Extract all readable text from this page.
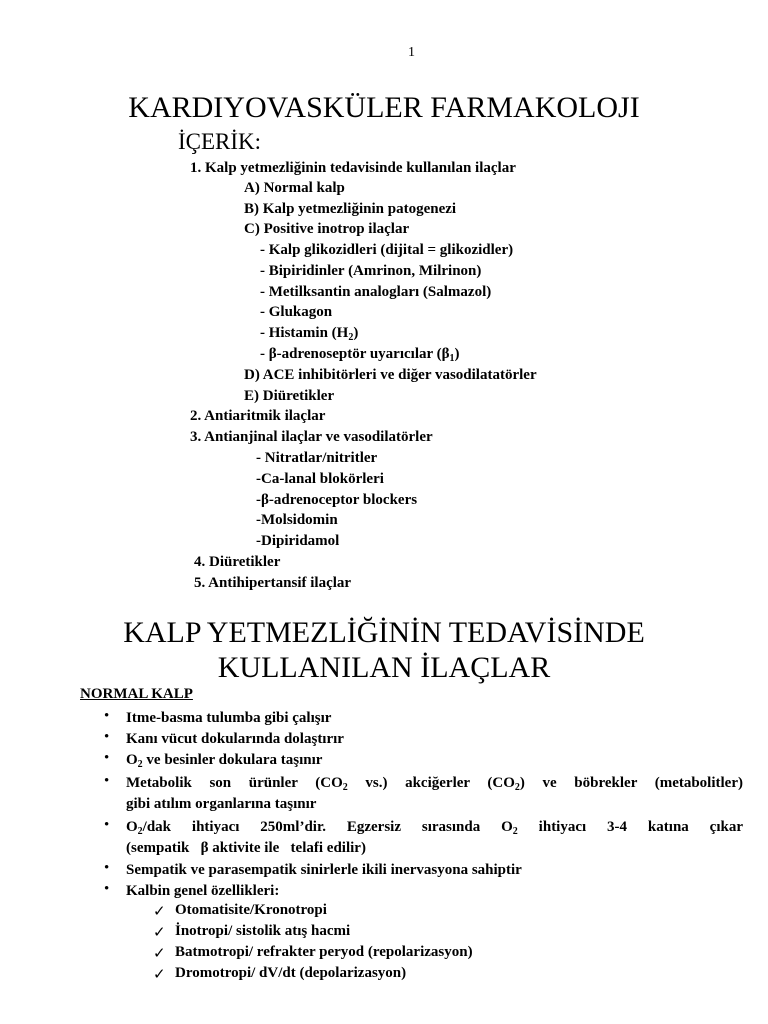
1
KARDIYOVASKÜLER FARMAKOLOJI
İÇERİK:
1. Kalp yetmezliğinin tedavisinde kullanılan ilaçlar
A) Normal kalp
B) Kalp yetmezliğinin patogenezi
C) Positive inotrop ilaçlar
- Kalp glikozidleri (dijital = glikozidler)
- Bipiridinler (Amrinon, Milrinon)
- Metilksantin analogları (Salmazol)
- Glukagon
- Histamin $(H_2)$
- β-adrenoseptör uyarıcılar $(\beta_1)$
D) ACE inhibitörleri ve diğer vasodilatatörler
E) Diüretikler
2. Antiaritmik ilaçlar
3. Antianjinal ilaçlar ve vasodilatörler
- Nitratlar/nitritler
-Ca-lanal blokörleri
-β-adrenoceptor blockers
-Molsidomin
-Dipiridamol
4. Diüretikler
5. Antihipertansif ilaçlar
KALP YETMEZLİĞİNİN TEDAVİSİNDE
KULLANILAN İLAÇLAR
NORMAL KALP
• Itme-basma tulumba gibi çalışır
• Kanı vücut dokularında dolaştırır
• $O_2$ ve besinler dokulara taşınır
• Metabolik son ürünler ($CO_2$ vs.) akciğerler $(CO_2)$ ve böbrekler (metabolitler)
gibi atılım organlarına taşınır
• $O_2$/dak ihtiyacı 250ml’dir. Egzersiz sırasında $O_2$ ihtiyacı 3-4 katına çıkar
(sempatik   β aktivite ile   telafi edilir)
• Sempatik ve parasempatik sinirlerle ikili inervasyona sahiptir
• Kalbin genel özellikleri:
✓ Otomatisite/Kronotropi
✓ İnotropi/ sistolik atış hacmi
✓ Batmotropi/ refrakter peryod (repolarizasyon)
✓ Dromotropi/ dV/dt (depolarizasyon)
